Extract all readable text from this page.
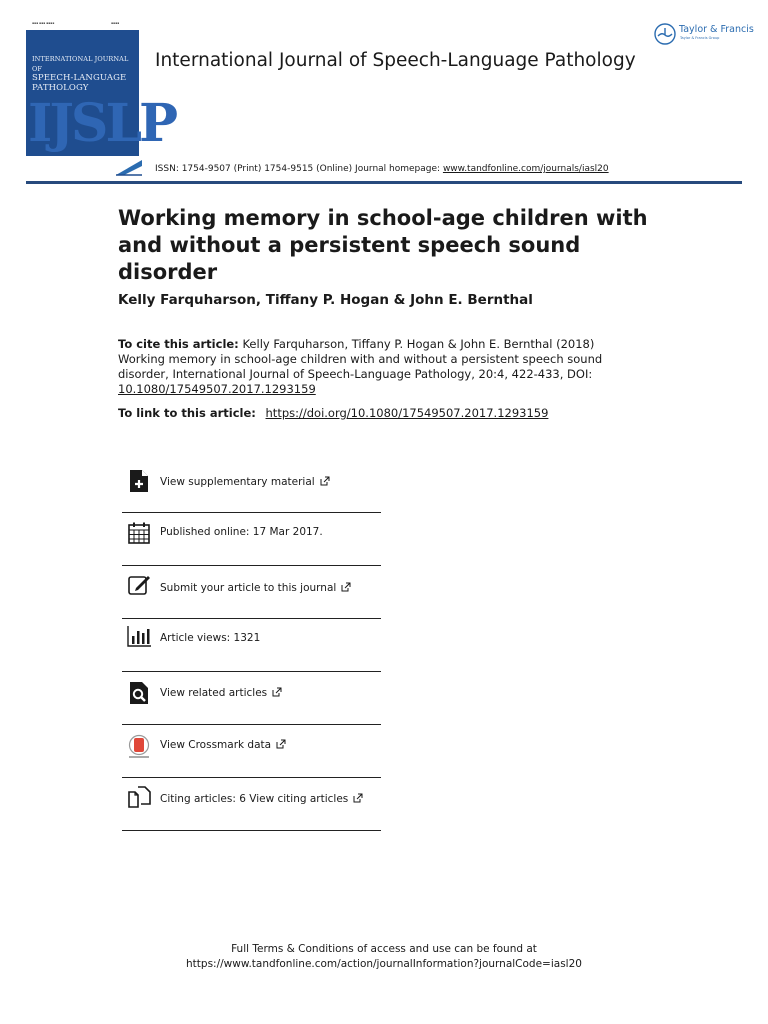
▪▪▪ ▪▪▪ ▪▪▪▪	▪▪▪▪
INTERNATIONAL JOURNAL OF
SPEECH-LANGUAGE
PATHOLOGY
IJSLP
International Journal of Speech-Language Pathology
Taylor & Francis
Taylor & Francis Group
ISSN: 1754-9507 (Print) 1754-9515 (Online) Journal homepage: www.tandfonline.com/journals/iasl20
Working memory in school-age children with and without a persistent speech sound disorder
Kelly Farquharson, Tiffany P. Hogan & John E. Bernthal
To cite this article: Kelly Farquharson, Tiffany P. Hogan & John E. Bernthal (2018) Working memory in school-age children with and without a persistent speech sound disorder, International Journal of Speech-Language Pathology, 20:4, 422-433, DOI: 10.1080/17549507.2017.1293159
To link to this article: https://doi.org/10.1080/17549507.2017.1293159
View supplementary material
Published online: 17 Mar 2017.
Submit your article to this journal
Article views: 1321
View related articles
View Crossmark data
Citing articles: 6 View citing articles
Full Terms & Conditions of access and use can be found at
https://www.tandfonline.com/action/journalInformation?journalCode=iasl20
